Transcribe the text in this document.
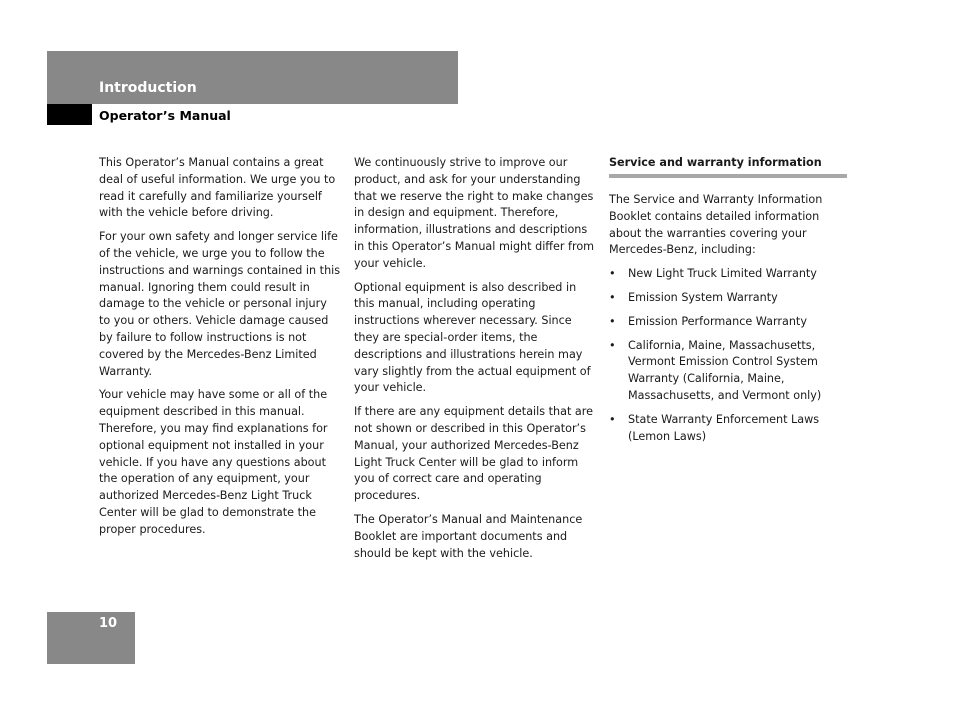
Introduction
Operator’s Manual

This Operator’s Manual contains a great deal of useful information. We urge you to read it carefully and familiarize yourself with the vehicle before driving.

For your own safety and longer service life of the vehicle, we urge you to follow the instructions and warnings contained in this manual. Ignoring them could result in damage to the vehicle or personal injury to you or others. Vehicle damage caused by failure to follow instructions is not covered by the Mercedes-Benz Limited Warranty.

Your vehicle may have some or all of the equipment described in this manual. Therefore, you may find explanations for optional equipment not installed in your vehicle. If you have any questions about the operation of any equipment, your authorized Mercedes-Benz Light Truck Center will be glad to demonstrate the proper procedures.

We continuously strive to improve our product, and ask for your understanding that we reserve the right to make changes in design and equipment. Therefore, information, illustrations and descriptions in this Operator’s Manual might differ from your vehicle.

Optional equipment is also described in this manual, including operating instructions wherever necessary. Since they are special-order items, the descriptions and illustrations herein may vary slightly from the actual equipment of your vehicle.

If there are any equipment details that are not shown or described in this Operator’s Manual, your authorized Mercedes-Benz Light Truck Center will be glad to inform you of correct care and operating procedures.

The Operator’s Manual and Maintenance Booklet are important documents and should be kept with the vehicle.

Service and warranty information

The Service and Warranty Information Booklet contains detailed information about the warranties covering your Mercedes-Benz, including:

• New Light Truck Limited Warranty
• Emission System Warranty
• Emission Performance Warranty
• California, Maine, Massachusetts, Vermont Emission Control System Warranty (California, Maine, Massachusetts, and Vermont only)
• State Warranty Enforcement Laws (Lemon Laws)
10
